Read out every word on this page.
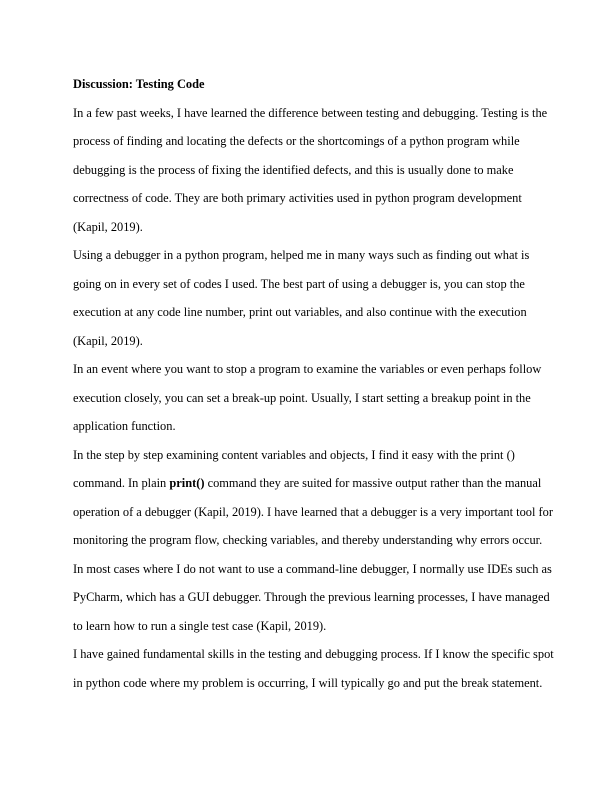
Discussion: Testing Code

In a few past weeks, I have learned the difference between testing and debugging. Testing is the

process of finding and locating the defects or the shortcomings of a python program while

debugging is the process of fixing the identified defects, and this is usually done to make

correctness of code. They are both primary activities used in python program development

(Kapil, 2019).

Using a debugger in a python program, helped me in many ways such as finding out what is

going on in every set of codes I used. The best part of using a debugger is, you can stop the

execution at any code line number, print out variables, and also continue with the execution

(Kapil, 2019).

In an event where you want to stop a program to examine the variables or even perhaps follow

execution closely, you can set a break-up point. Usually, I start setting a breakup point in the

application function.

In the step by step examining content variables and objects, I find it easy with the print ()

command. In plain print() command they are suited for massive output rather than the manual

operation of a debugger (Kapil, 2019). I have learned that a debugger is a very important tool for

monitoring the program flow, checking variables, and thereby understanding why errors occur.

In most cases where I do not want to use a command-line debugger, I normally use IDEs such as

PyCharm, which has a GUI debugger. Through the previous learning processes, I have managed

to learn how to run a single test case (Kapil, 2019).

I have gained fundamental skills in the testing and debugging process. If I know the specific spot

in python code where my problem is occurring, I will typically go and put the break statement.
